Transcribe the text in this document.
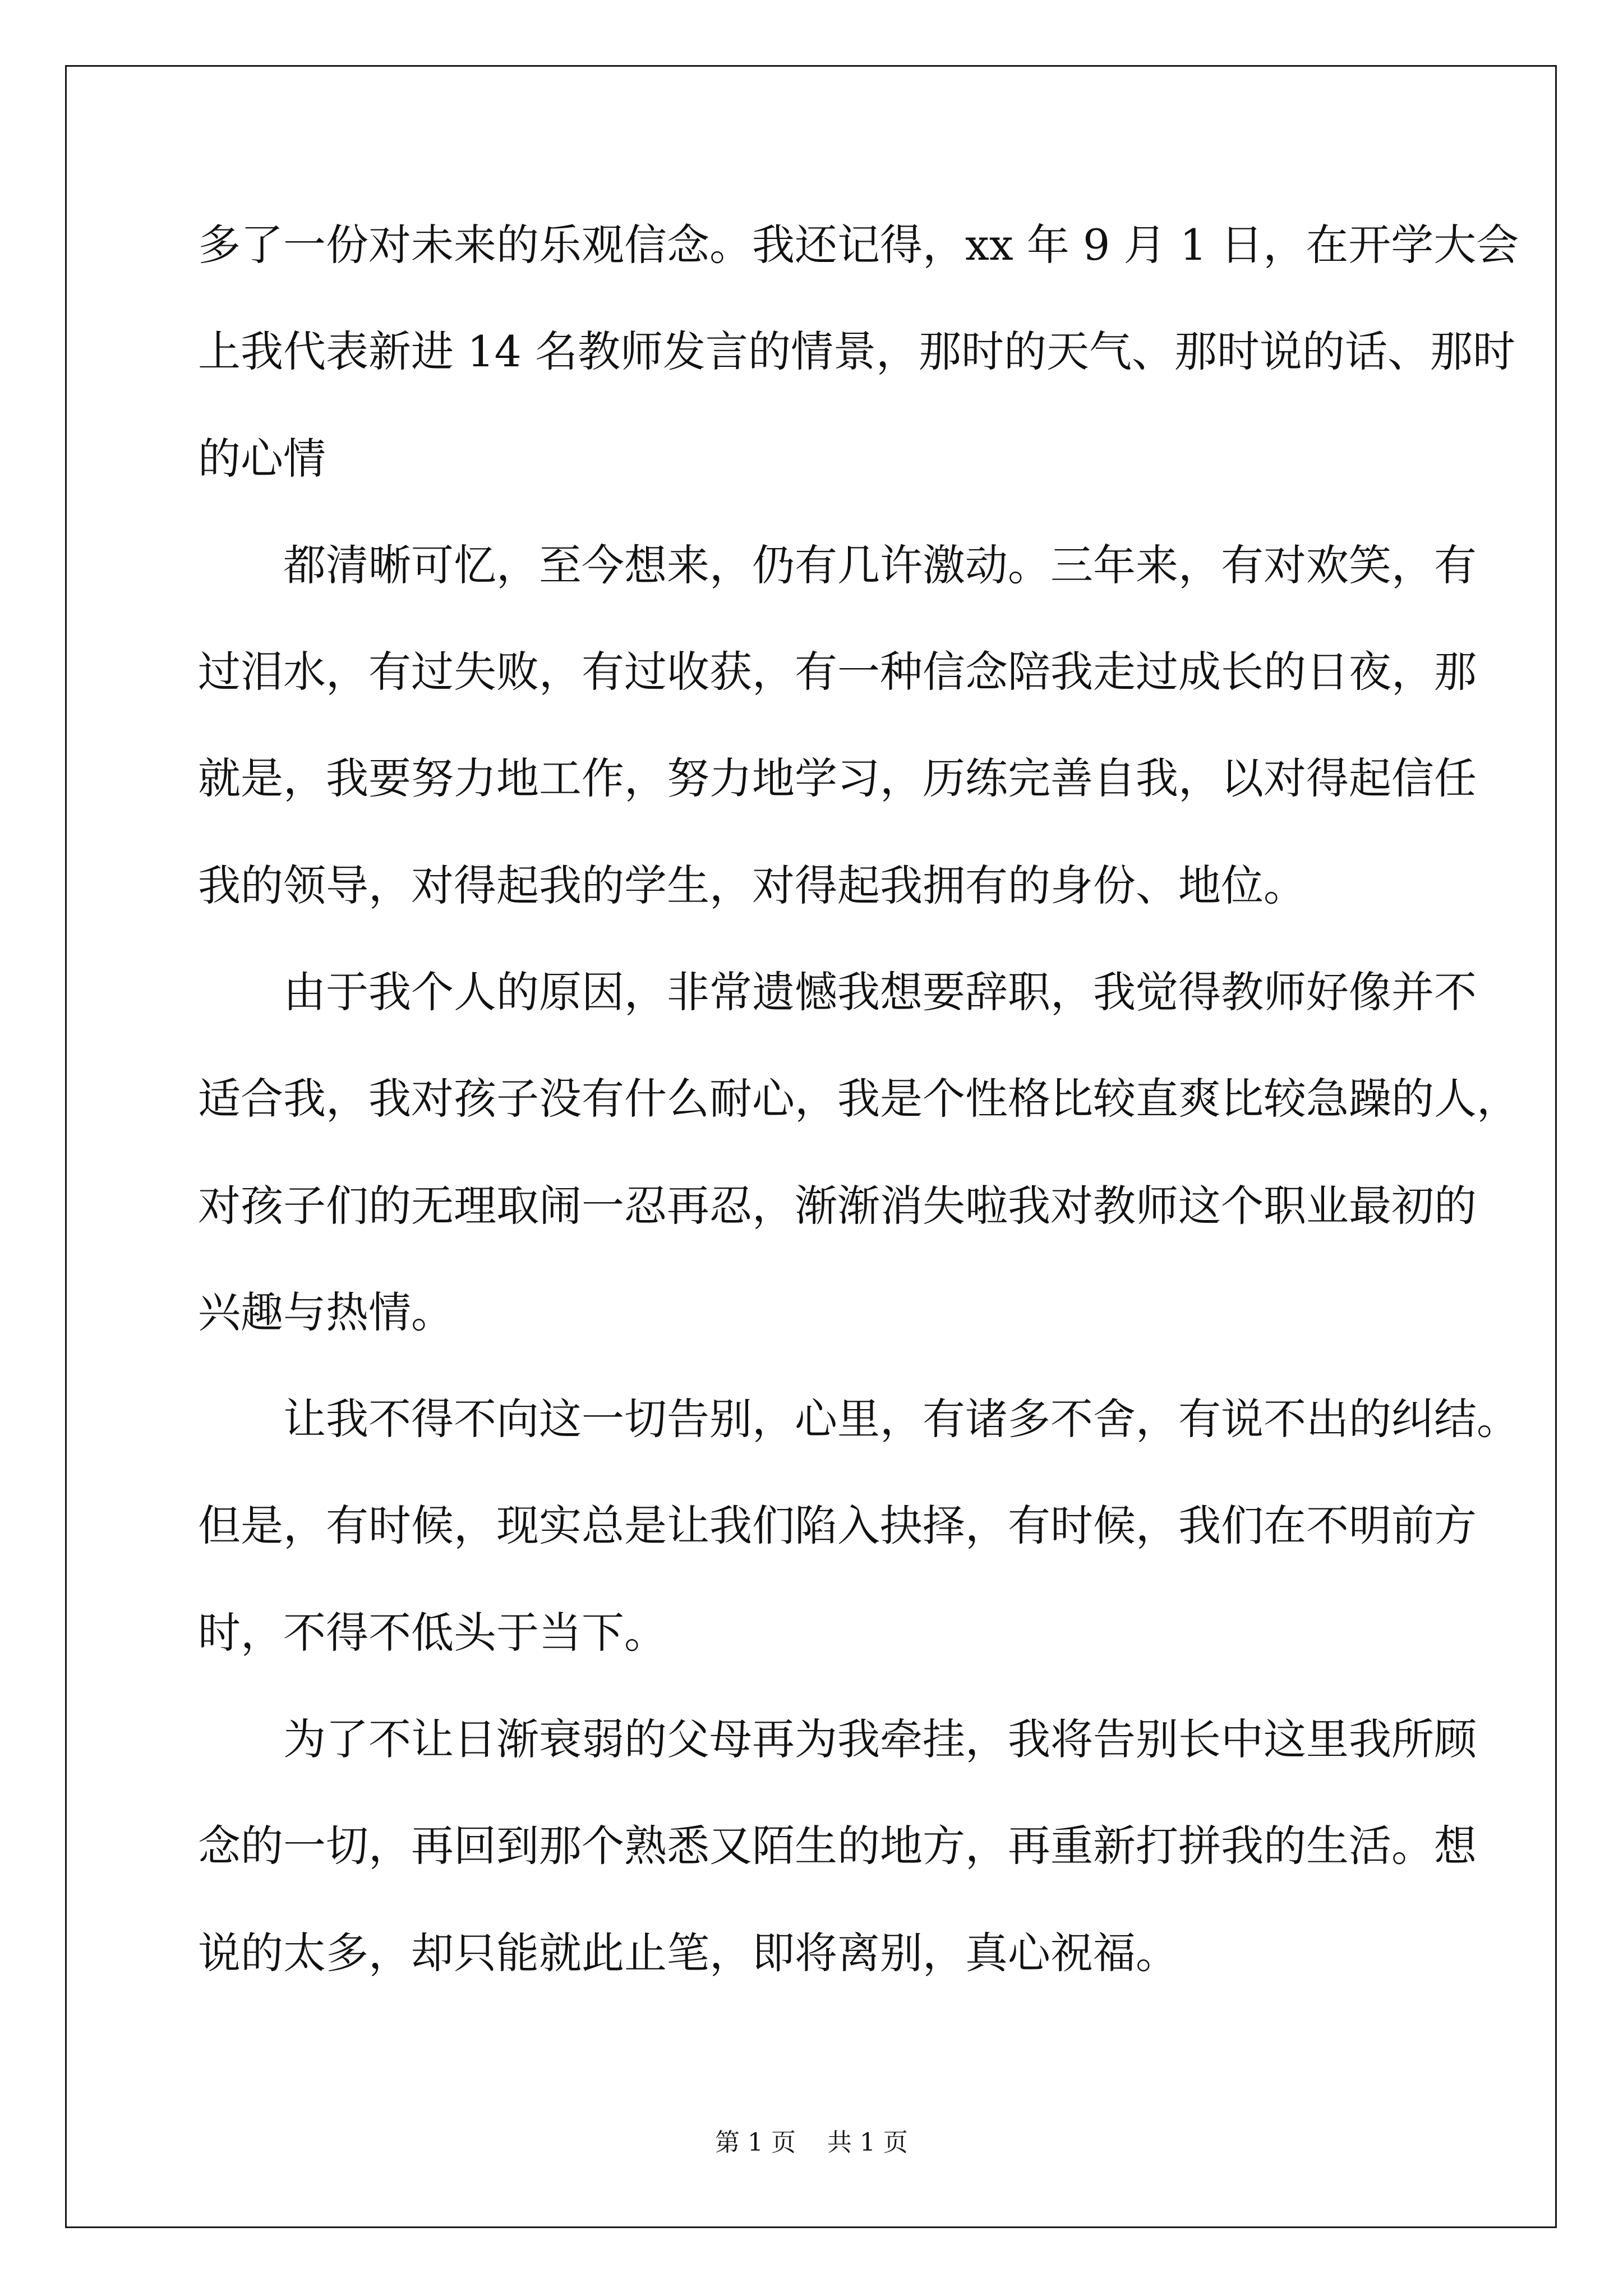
多了一份对未来的乐观信念。我还记得，xx 年 9 月 1 日，在开学大会
上我代表新进 14 名教师发言的情景，那时的天气、那时说的话、那时
的心情
都清晰可忆，至今想来，仍有几许激动。三年来，有对欢笑，有
过泪水，有过失败，有过收获，有一种信念陪我走过成长的日夜，那
就是，我要努力地工作，努力地学习，历练完善自我，以对得起信任
我的领导，对得起我的学生，对得起我拥有的身份、地位。
由于我个人的原因，非常遗憾我想要辞职，我觉得教师好像并不
适合我，我对孩子没有什么耐心，我是个性格比较直爽比较急躁的人，
对孩子们的无理取闹一忍再忍，渐渐消失啦我对教师这个职业最初的
兴趣与热情。
让我不得不向这一切告别，心里，有诸多不舍，有说不出的纠结。
但是，有时候，现实总是让我们陷入抉择，有时候，我们在不明前方
时，不得不低头于当下。
为了不让日渐衰弱的父母再为我牵挂，我将告别长中这里我所顾
念的一切，再回到那个熟悉又陌生的地方，再重新打拼我的生活。想
说的太多，却只能就此止笔，即将离别，真心祝福。
第 1 页    共 1 页
